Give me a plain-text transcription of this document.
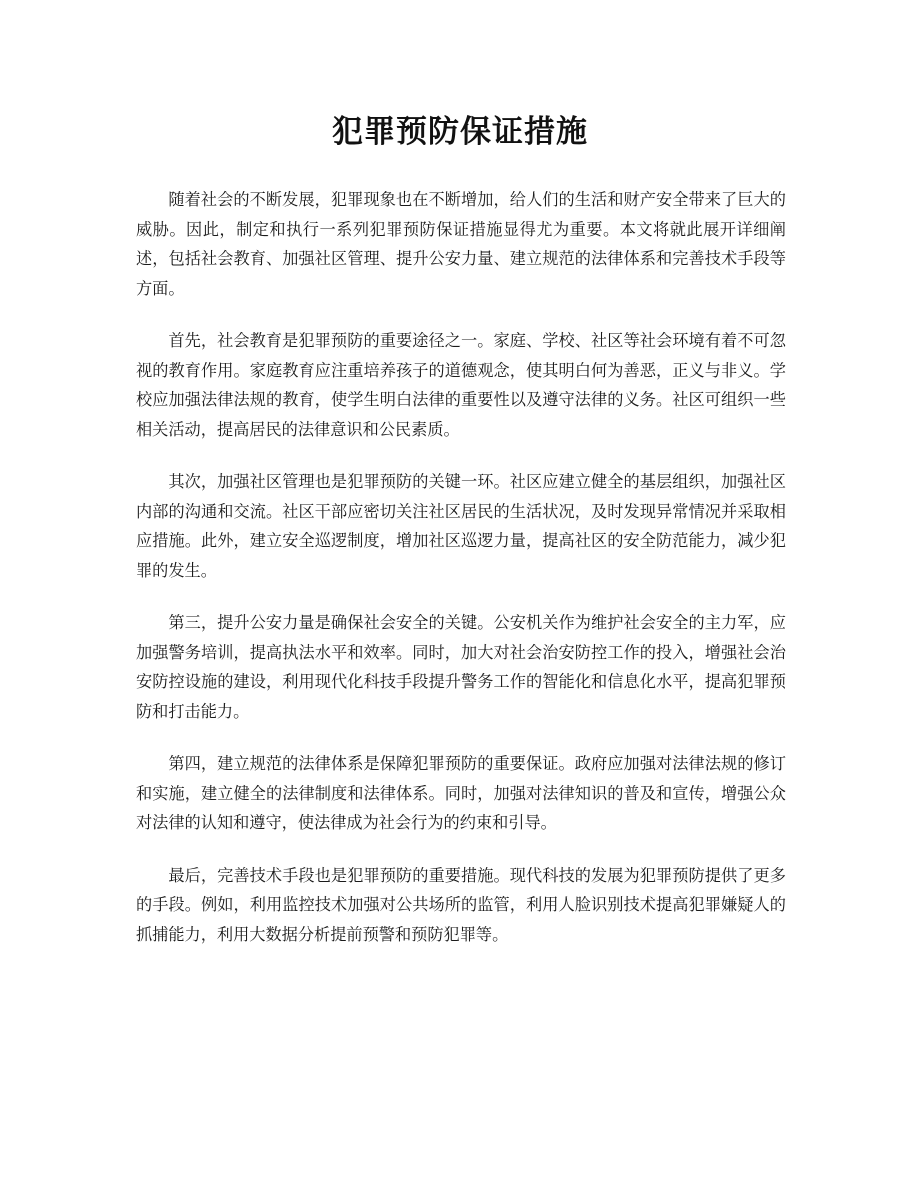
犯罪预防保证措施

随着社会的不断发展，犯罪现象也在不断增加，给人们的生活和财产安全带来了巨大的威胁。因此，制定和执行一系列犯罪预防保证措施显得尤为重要。本文将就此展开详细阐述，包括社会教育、加强社区管理、提升公安力量、建立规范的法律体系和完善技术手段等方面。

首先，社会教育是犯罪预防的重要途径之一。家庭、学校、社区等社会环境有着不可忽视的教育作用。家庭教育应注重培养孩子的道德观念，使其明白何为善恶，正义与非义。学校应加强法律法规的教育，使学生明白法律的重要性以及遵守法律的义务。社区可组织一些相关活动，提高居民的法律意识和公民素质。

其次，加强社区管理也是犯罪预防的关键一环。社区应建立健全的基层组织，加强社区内部的沟通和交流。社区干部应密切关注社区居民的生活状况，及时发现异常情况并采取相应措施。此外，建立安全巡逻制度，增加社区巡逻力量，提高社区的安全防范能力，减少犯罪的发生。

第三，提升公安力量是确保社会安全的关键。公安机关作为维护社会安全的主力军，应加强警务培训，提高执法水平和效率。同时，加大对社会治安防控工作的投入，增强社会治安防控设施的建设，利用现代化科技手段提升警务工作的智能化和信息化水平，提高犯罪预防和打击能力。

第四，建立规范的法律体系是保障犯罪预防的重要保证。政府应加强对法律法规的修订和实施，建立健全的法律制度和法律体系。同时，加强对法律知识的普及和宣传，增强公众对法律的认知和遵守，使法律成为社会行为的约束和引导。

最后，完善技术手段也是犯罪预防的重要措施。现代科技的发展为犯罪预防提供了更多的手段。例如，利用监控技术加强对公共场所的监管，利用人脸识别技术提高犯罪嫌疑人的抓捕能力，利用大数据分析提前预警和预防犯罪等。
